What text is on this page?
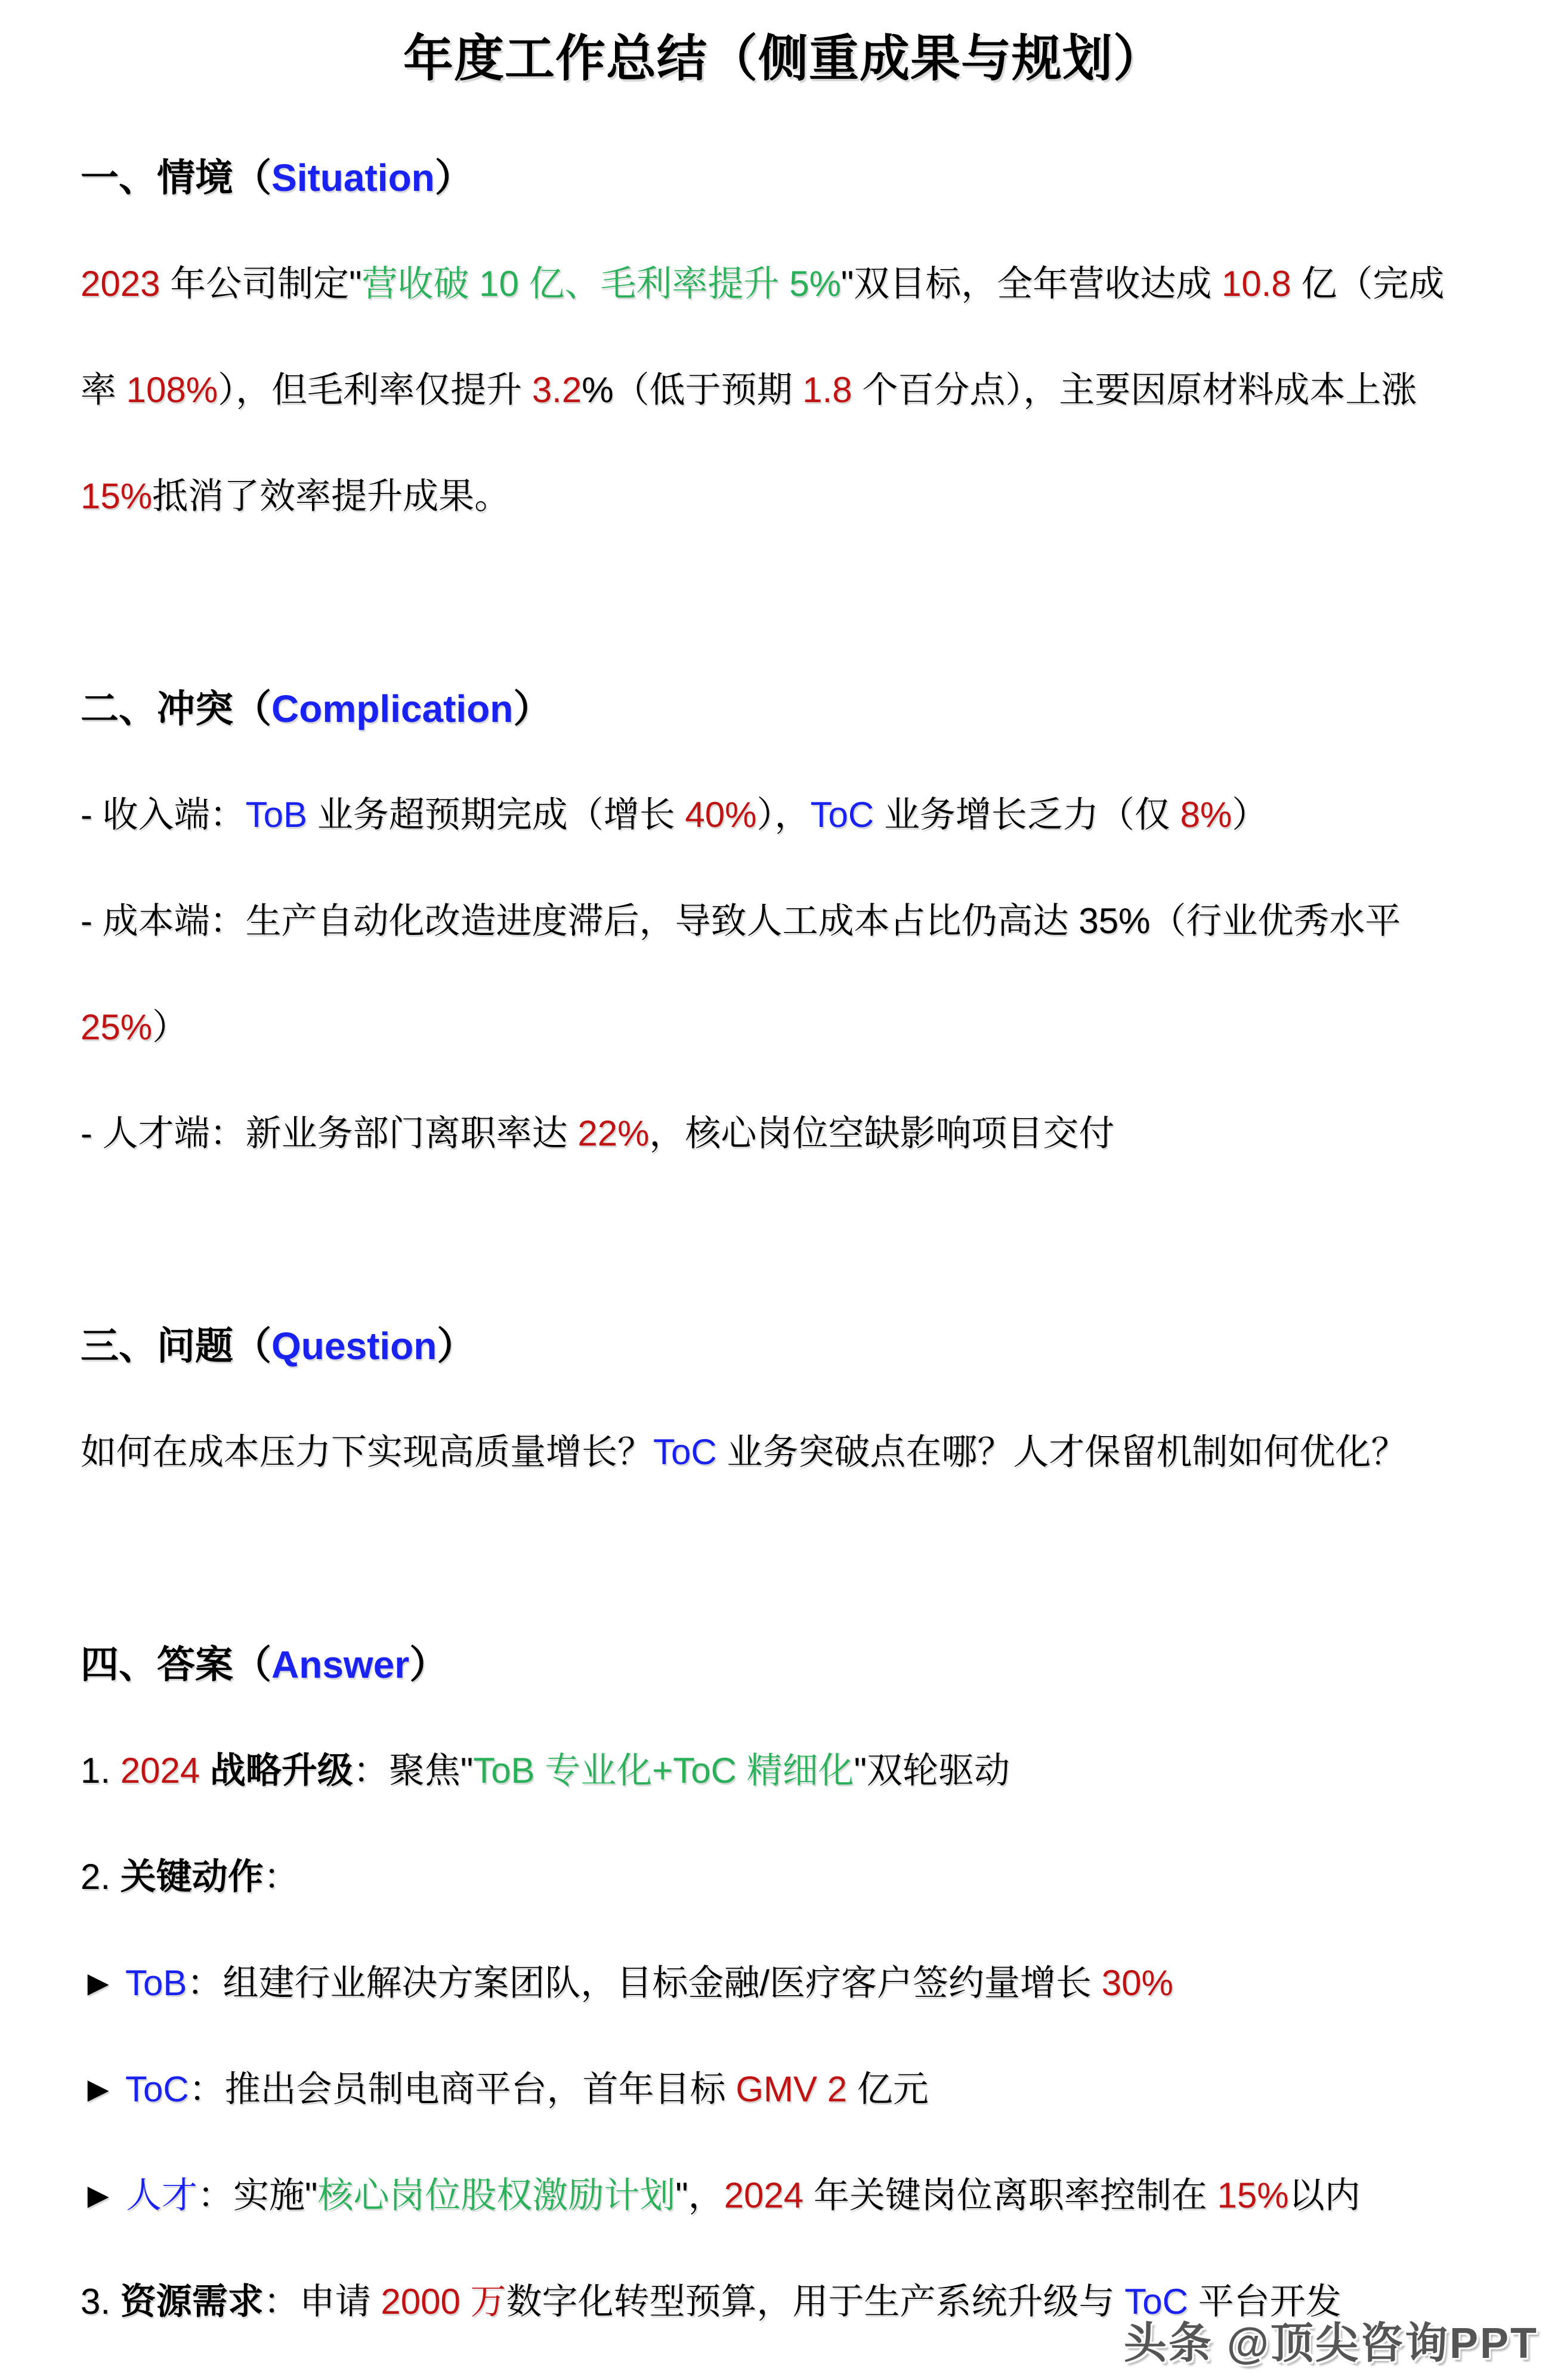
年度工作总结（侧重成果与规划）
一、情境（Situation）
2023 年公司制定"营收破 10 亿、毛利率提升 5%"双目标，全年营收达成 10.8 亿（完成
率 108%），但毛利率仅提升 3.2%（低于预期 1.8 个百分点），主要因原材料成本上涨
15%抵消了效率提升成果。
二、冲突（Complication）
- 收入端：ToB 业务超预期完成（增长 40%），ToC 业务增长乏力（仅 8%）
- 成本端：生产自动化改造进度滞后，导致人工成本占比仍高达 35%（行业优秀水平
25%）
- 人才端：新业务部门离职率达 22%，核心岗位空缺影响项目交付
三、问题（Question）
如何在成本压力下实现高质量增长？ToC 业务突破点在哪？人才保留机制如何优化？
四、答案（Answer）
1. 2024 战略升级：聚焦"ToB 专业化+ToC 精细化"双轮驱动
2. 关键动作：
► ToB：组建行业解决方案团队，目标金融/医疗客户签约量增长 30%
► ToC：推出会员制电商平台，首年目标 GMV 2 亿元
► 人才：实施"核心岗位股权激励计划"，2024 年关键岗位离职率控制在 15%以内
3. 资源需求：申请 2000 万数字化转型预算，用于生产系统升级与 ToC 平台开发
头条 @顶尖咨询PPT
